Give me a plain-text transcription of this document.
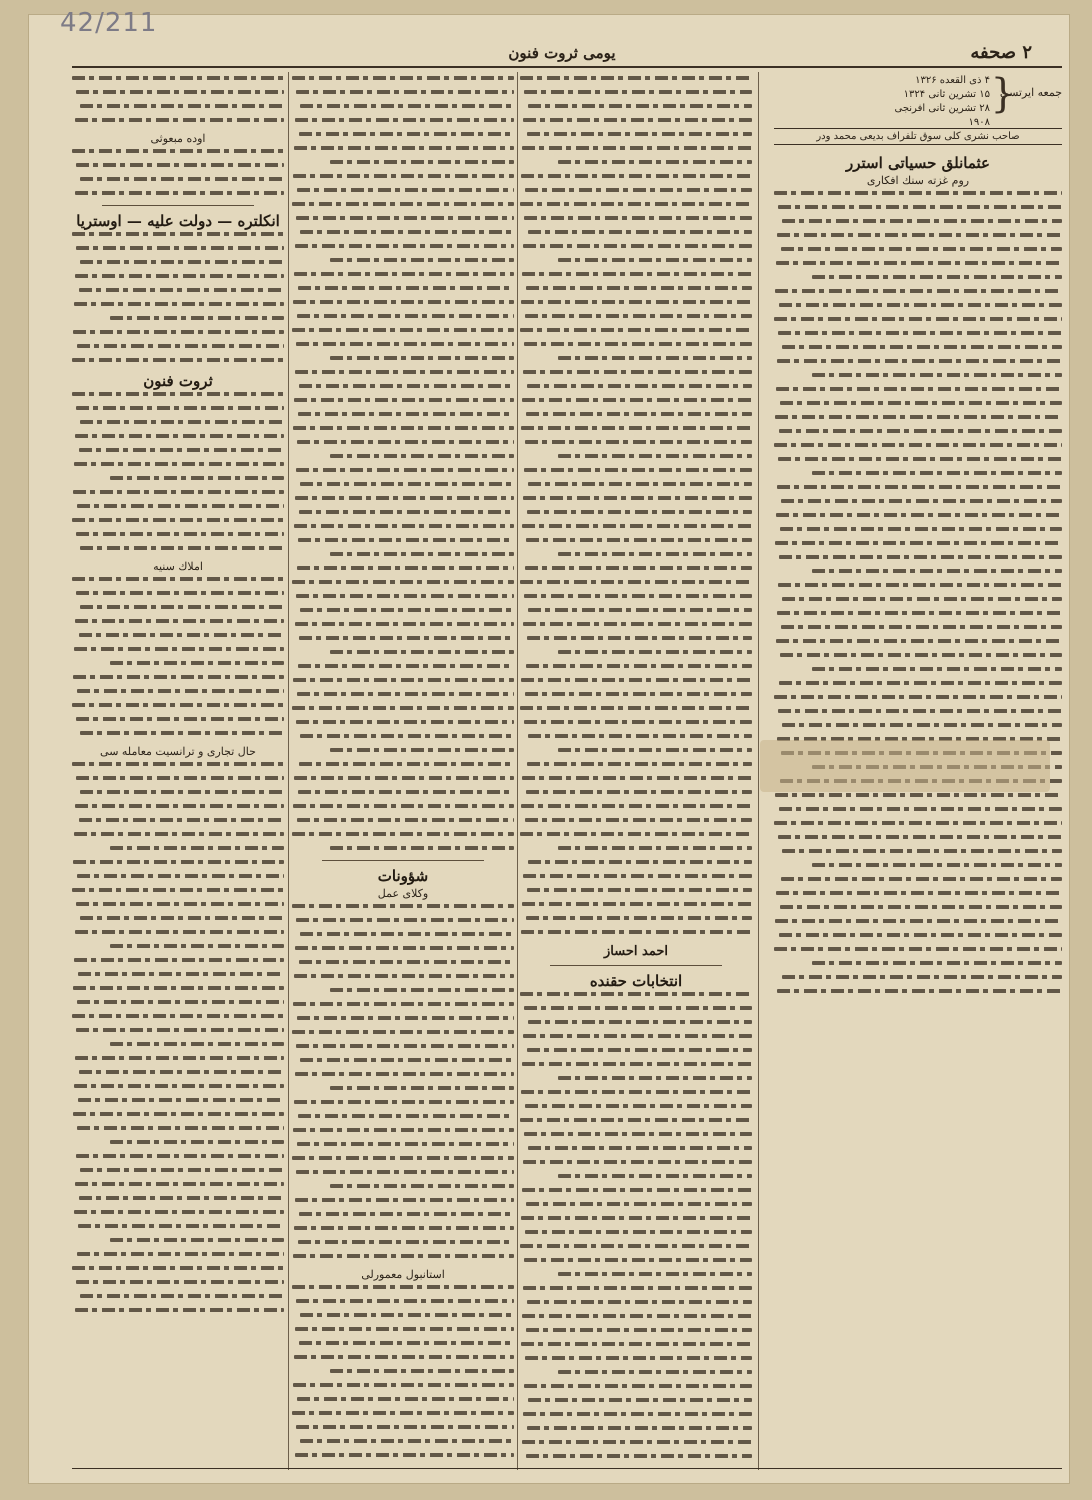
42/211
۲ صحفه
یومی ثروت فنون
جمعه ایرتسی
{
۴ ذی القعده ۱۳۲۶
۱۵ تشرین ثانی ۱۳۲۴
۲۸ تشرین ثانی افرنجی ۱۹۰۸
صاحب نشری کلی سوق تلفراف بدیعی محمد ودر
عثمانلق حسیاتی استرر
روم غزته سنك افكاری
احمد احساز
انتخابات حقنده
شؤونات
وكلای عمل
استانبول معمورلی
اوده مبعوثی
انكلتره — دولت عليه — اوستريا
ثروت فنون
املاك سنيه
حال تجاری و ترانسیت معامله سی
